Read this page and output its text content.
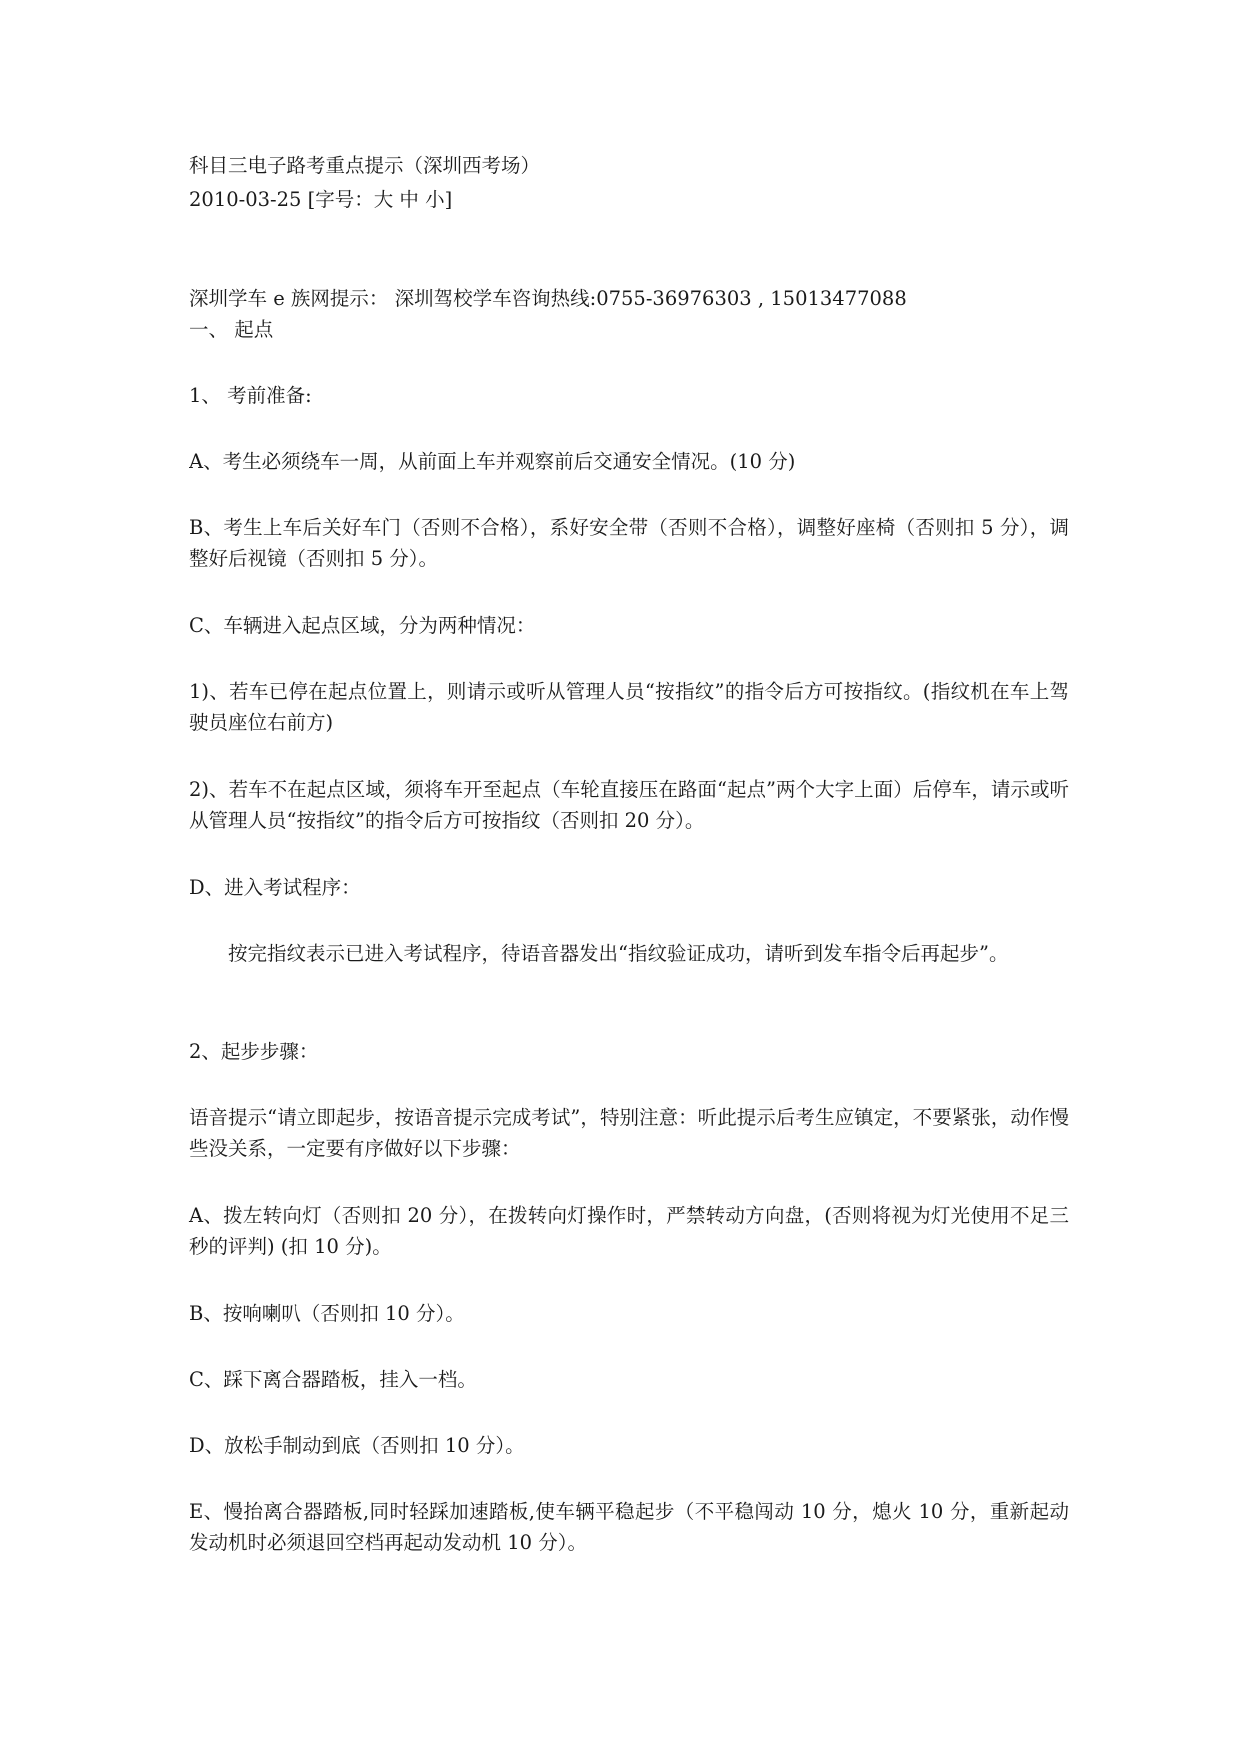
科目三电子路考重点提示（深圳西考场）
2010-03-25 [字号：大 中 小]
深圳学车 e 族网提示： 深圳驾校学车咨询热线:0755-36976303 , 15013477088
一、 起点
1、 考前准备:
A、考生必须绕车一周，从前面上车并观察前后交通安全情况。(10 分)
B、考生上车后关好车门（否则不合格），系好安全带（否则不合格），调整好座椅（否则扣 5 分），调整好后视镜（否则扣 5 分）。
C、车辆进入起点区域，分为两种情况：
1)、若车已停在起点位置上，则请示或听从管理人员“按指纹”的指令后方可按指纹。(指纹机在车上驾驶员座位右前方)
2)、若车不在起点区域，须将车开至起点（车轮直接压在路面“起点”两个大字上面）后停车，请示或听从管理人员“按指纹”的指令后方可按指纹（否则扣 20 分）。
D、进入考试程序：
按完指纹表示已进入考试程序，待语音器发出“指纹验证成功，请听到发车指令后再起步”。
2、起步步骤：
语音提示“请立即起步，按语音提示完成考试”，特别注意：听此提示后考生应镇定，不要紧张，动作慢些没关系，一定要有序做好以下步骤：
A、拨左转向灯（否则扣 20 分），在拨转向灯操作时，严禁转动方向盘，(否则将视为灯光使用不足三秒的评判) (扣 10 分)。
B、按响喇叭（否则扣 10 分）。
C、踩下离合器踏板，挂入一档。
D、放松手制动到底（否则扣 10 分）。
E、慢抬离合器踏板,同时轻踩加速踏板,使车辆平稳起步（不平稳闯动 10 分，熄火 10 分，重新起动发动机时必须退回空档再起动发动机 10 分）。
